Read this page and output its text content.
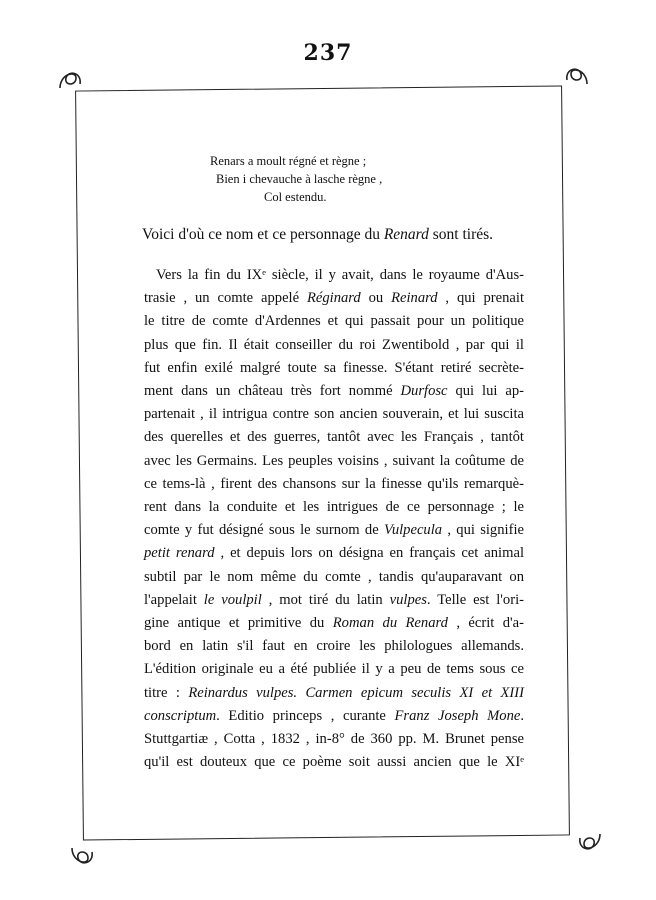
237
Renars a moult régné et règne ;
Bien i chevauche à lasche règne ,
Col estendu.
Voici d'où ce nom et ce personnage du Renard sont tirés.
Vers la fin du IXᵉ siècle, il y avait, dans le royaume d'Aus-
trasie , un comte appelé Réginard ou Reinard , qui prenait
le titre de comte d'Ardennes et qui passait pour un politique
plus que fin. Il était conseiller du roi Zwentibold , par qui il
fut enfin exilé malgré toute sa finesse. S'étant retiré secrète-
ment dans un château très fort nommé Durfosc qui lui ap-
partenait , il intrigua contre son ancien souverain, et lui suscita
des querelles et des guerres, tantôt avec les Français , tantôt
avec les Germains. Les peuples voisins , suivant la coûtume de
ce tems-là , firent des chansons sur la finesse qu'ils remarquè-
rent dans la conduite et les intrigues de ce personnage ; le
comte y fut désigné sous le surnom de Vulpecula , qui signifie
petit renard , et depuis lors on désigna en français cet animal
subtil par le nom même du comte , tandis qu'auparavant on
l'appelait le voulpil , mot tiré du latin vulpes. Telle est l'ori-
gine antique et primitive du Roman du Renard , écrit d'a-
bord en latin s'il faut en croire les philologues allemands.
L'édition originale eu a été publiée il y a peu de tems sous ce
titre : Reinardus vulpes. Carmen epicum seculis XI et XIII
conscriptum. Editio princeps , curante Franz Joseph Mone.
Stuttgartiæ , Cotta , 1832 , in-8° de 360 pp. M. Brunet pense
qu'il est douteux que ce poème soit aussi ancien que le XIᵉ
